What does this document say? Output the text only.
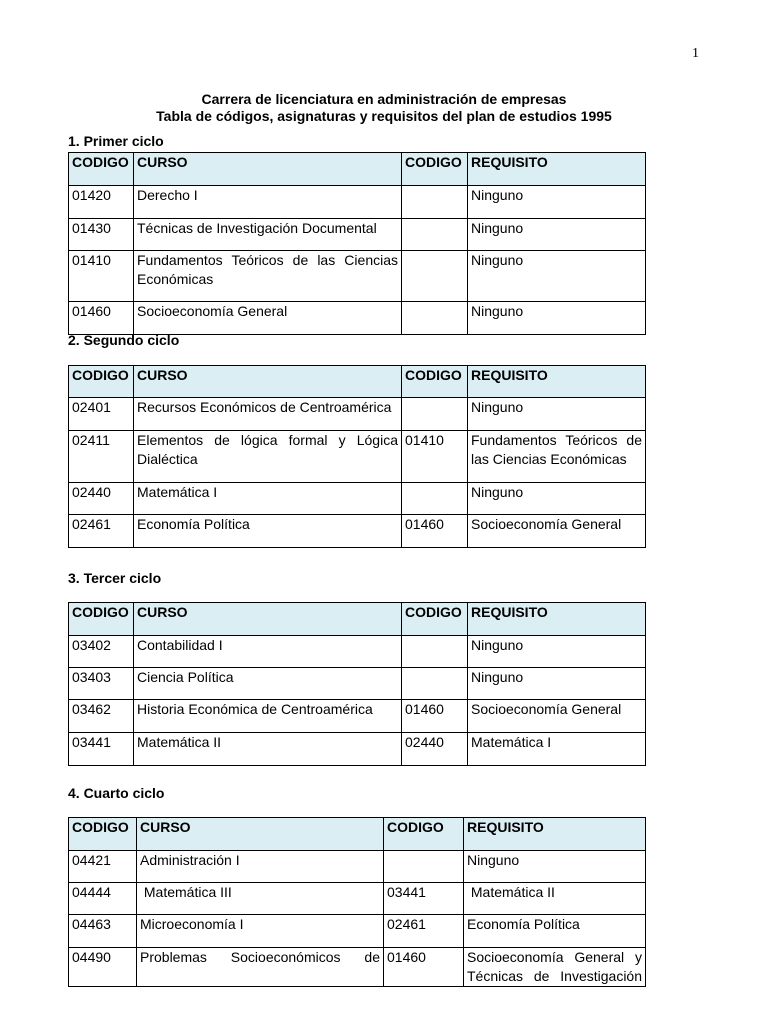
1
Carrera de licenciatura en administración de empresas
Tabla de códigos, asignaturas y requisitos del plan de estudios 1995
1. Primer ciclo
CODIGO	CURSO	CODIGO	REQUISITO
01420	Derecho I		Ninguno
01430	Técnicas de Investigación Documental		Ninguno
01410	Fundamentos Teóricos de las Ciencias Económicas		Ninguno
01460	Socioeconomía General		Ninguno
2. Segundo ciclo
CODIGO	CURSO	CODIGO	REQUISITO
02401	Recursos Económicos de Centroamérica		Ninguno
02411	Elementos de lógica formal y Lógica Dialéctica	01410	Fundamentos Teóricos de las Ciencias Económicas
02440	Matemática I		Ninguno
02461	Economía Política	01460	Socioeconomía General
3. Tercer ciclo
CODIGO	CURSO	CODIGO	REQUISITO
03402	Contabilidad I		Ninguno
03403	Ciencia Política		Ninguno
03462	Historia Económica de Centroamérica	01460	Socioeconomía General
03441	Matemática II	02440	Matemática I
4. Cuarto ciclo
CODIGO	CURSO	CODIGO	REQUISITO
04421	Administración I		Ninguno
04444	Matemática III	03441	Matemática II
04463	Microeconomía I	02461	Economía Política
04490	Problemas Socioeconómicos de	01460	Socioeconomía General y Técnicas de Investigación
